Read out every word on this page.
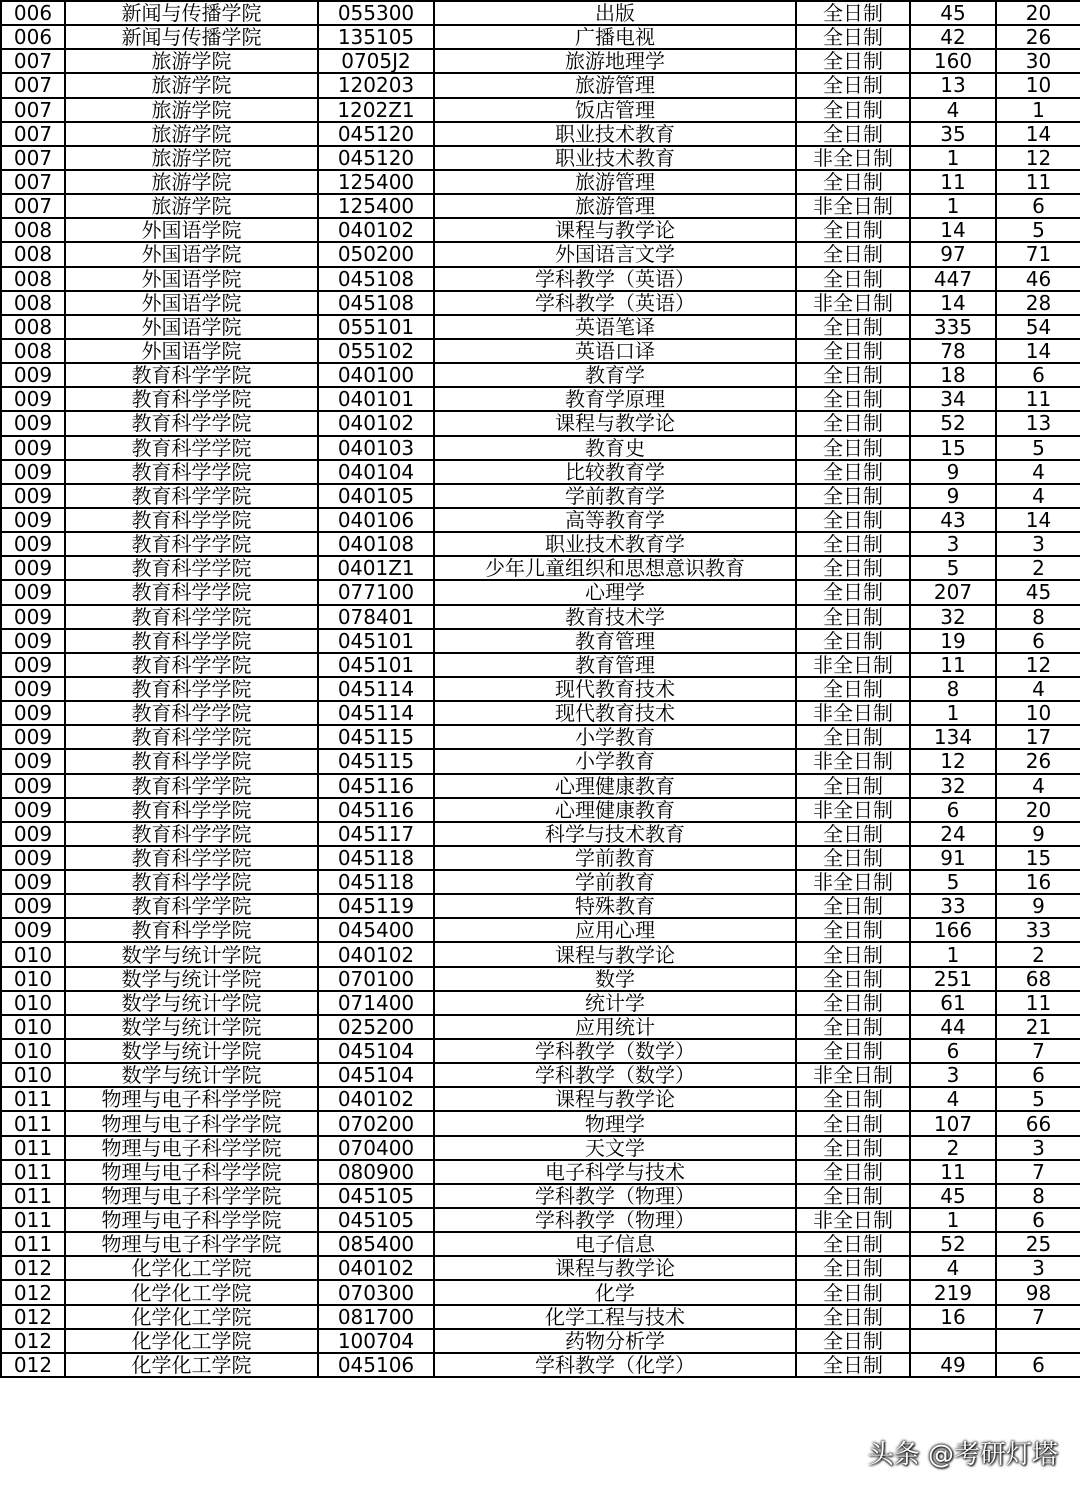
006	新闻与传播学院	055300	出版	全日制	45	20
006	新闻与传播学院	135105	广播电视	全日制	42	26
007	旅游学院	0705J2	旅游地理学	全日制	160	30
007	旅游学院	120203	旅游管理	全日制	13	10
007	旅游学院	1202Z1	饭店管理	全日制	4	1
007	旅游学院	045120	职业技术教育	全日制	35	14
007	旅游学院	045120	职业技术教育	非全日制	1	12
007	旅游学院	125400	旅游管理	全日制	11	11
007	旅游学院	125400	旅游管理	非全日制	1	6
008	外国语学院	040102	课程与教学论	全日制	14	5
008	外国语学院	050200	外国语言文学	全日制	97	71
008	外国语学院	045108	学科教学（英语）	全日制	447	46
008	外国语学院	045108	学科教学（英语）	非全日制	14	28
008	外国语学院	055101	英语笔译	全日制	335	54
008	外国语学院	055102	英语口译	全日制	78	14
009	教育科学学院	040100	教育学	全日制	18	6
009	教育科学学院	040101	教育学原理	全日制	34	11
009	教育科学学院	040102	课程与教学论	全日制	52	13
009	教育科学学院	040103	教育史	全日制	15	5
009	教育科学学院	040104	比较教育学	全日制	9	4
009	教育科学学院	040105	学前教育学	全日制	9	4
009	教育科学学院	040106	高等教育学	全日制	43	14
009	教育科学学院	040108	职业技术教育学	全日制	3	3
009	教育科学学院	0401Z1	少年儿童组织和思想意识教育	全日制	5	2
009	教育科学学院	077100	心理学	全日制	207	45
009	教育科学学院	078401	教育技术学	全日制	32	8
009	教育科学学院	045101	教育管理	全日制	19	6
009	教育科学学院	045101	教育管理	非全日制	11	12
009	教育科学学院	045114	现代教育技术	全日制	8	4
009	教育科学学院	045114	现代教育技术	非全日制	1	10
009	教育科学学院	045115	小学教育	全日制	134	17
009	教育科学学院	045115	小学教育	非全日制	12	26
009	教育科学学院	045116	心理健康教育	全日制	32	4
009	教育科学学院	045116	心理健康教育	非全日制	6	20
009	教育科学学院	045117	科学与技术教育	全日制	24	9
009	教育科学学院	045118	学前教育	全日制	91	15
009	教育科学学院	045118	学前教育	非全日制	5	16
009	教育科学学院	045119	特殊教育	全日制	33	9
009	教育科学学院	045400	应用心理	全日制	166	33
010	数学与统计学院	040102	课程与教学论	全日制	1	2
010	数学与统计学院	070100	数学	全日制	251	68
010	数学与统计学院	071400	统计学	全日制	61	11
010	数学与统计学院	025200	应用统计	全日制	44	21
010	数学与统计学院	045104	学科教学（数学）	全日制	6	7
010	数学与统计学院	045104	学科教学（数学）	非全日制	3	6
011	物理与电子科学学院	040102	课程与教学论	全日制	4	5
011	物理与电子科学学院	070200	物理学	全日制	107	66
011	物理与电子科学学院	070400	天文学	全日制	2	3
011	物理与电子科学学院	080900	电子科学与技术	全日制	11	7
011	物理与电子科学学院	045105	学科教学（物理）	全日制	45	8
011	物理与电子科学学院	045105	学科教学（物理）	非全日制	1	6
011	物理与电子科学学院	085400	电子信息	全日制	52	25
012	化学化工学院	040102	课程与教学论	全日制	4	3
012	化学化工学院	070300	化学	全日制	219	98
012	化学化工学院	081700	化学工程与技术	全日制	16	7
012	化学化工学院	100704	药物分析学	全日制		
012	化学化工学院	045106	学科教学（化学）	全日制	49	6
头条 @考研灯塔
